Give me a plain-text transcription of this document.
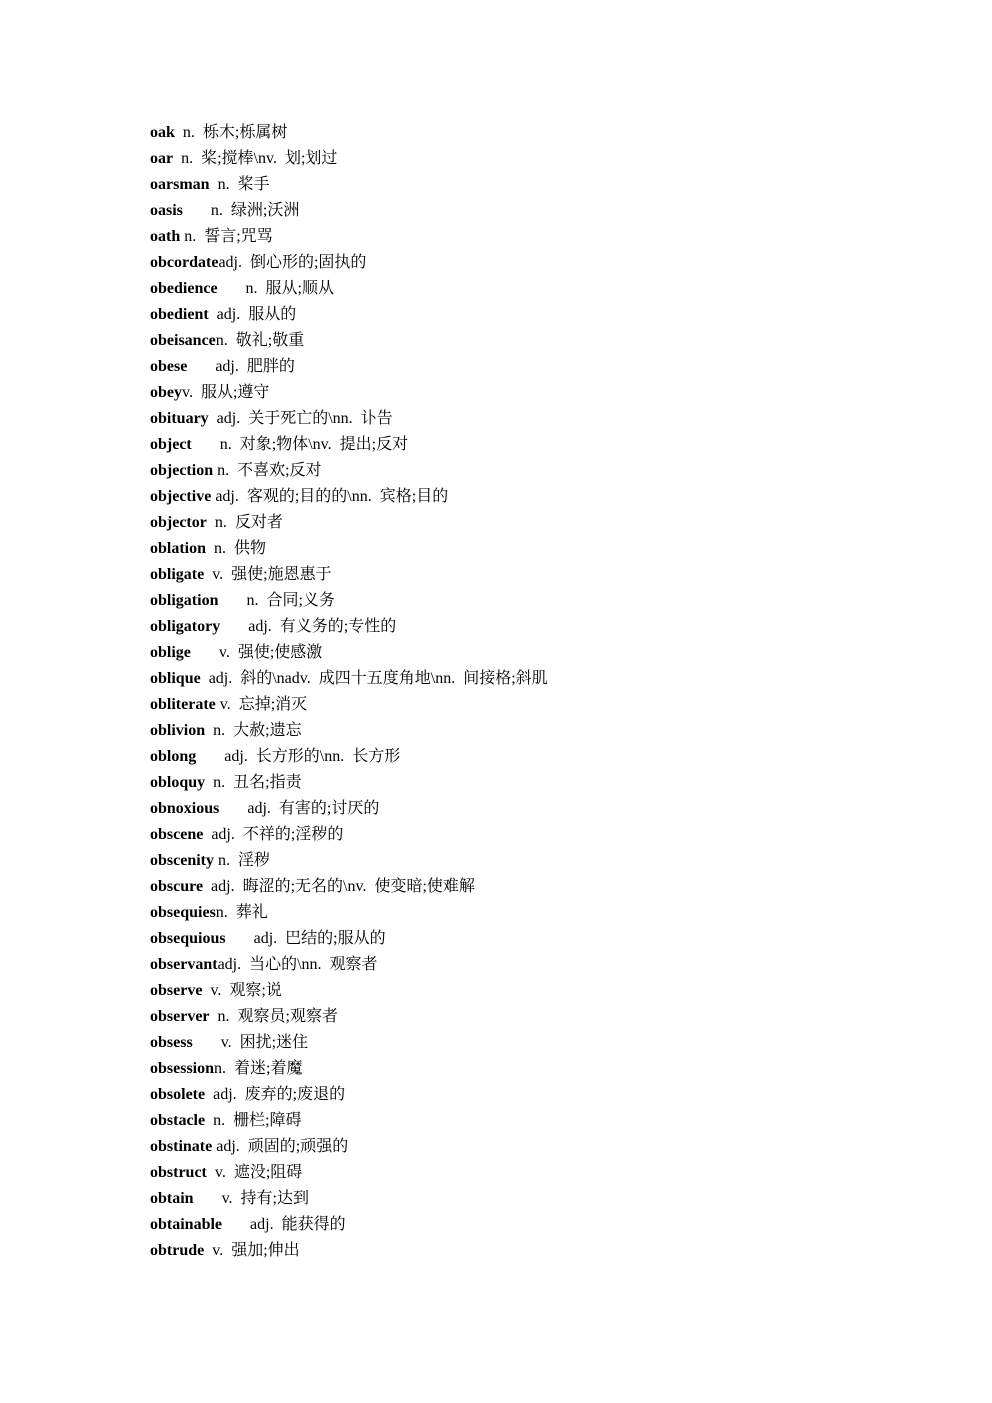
oak  n.  栎木;栎属树
oar  n.  桨;搅棒\nv.  划;划过
oarsman  n.  桨手
oasis       n.  绿洲;沃洲
oath n.  誓言;咒骂
obcordateadj.  倒心形的;固执的
obedience       n.  服从;顺从
obedient  adj.  服从的
obeisancen.  敬礼;敬重
obese       adj.  肥胖的
obeyv.  服从;遵守
obituary  adj.  关于死亡的\nn.  讣告
object       n.  对象;物体\nv.  提出;反对
objection n.  不喜欢;反对
objective adj.  客观的;目的的\nn.  宾格;目的
objector  n.  反对者
oblation  n.  供物
obligate  v.  强使;施恩惠于
obligation       n.  合同;义务
obligatory       adj.  有义务的;专性的
oblige       v.  强使;使感激
oblique  adj.  斜的\nadv.  成四十五度角地\nn.  间接格;斜肌
obliterate v.  忘掉;消灭
oblivion  n.  大赦;遗忘
oblong       adj.  长方形的\nn.  长方形
obloquy  n.  丑名;指责
obnoxious       adj.  有害的;讨厌的
obscene  adj.  不祥的;淫秽的
obscenity n.  淫秽
obscure  adj.  晦涩的;无名的\nv.  使变暗;使难解
obsequiesn.  葬礼
obsequious       adj.  巴结的;服从的
observantadj.  当心的\nn.  观察者
observe  v.  观察;说
observer  n.  观察员;观察者
obsess       v.  困扰;迷住
obsessionn.  着迷;着魔
obsolete  adj.  废弃的;废退的
obstacle  n.  栅栏;障碍
obstinate adj.  顽固的;顽强的
obstruct  v.  遮没;阻碍
obtain       v.  持有;达到
obtainable       adj.  能获得的
obtrude  v.  强加;伸出
